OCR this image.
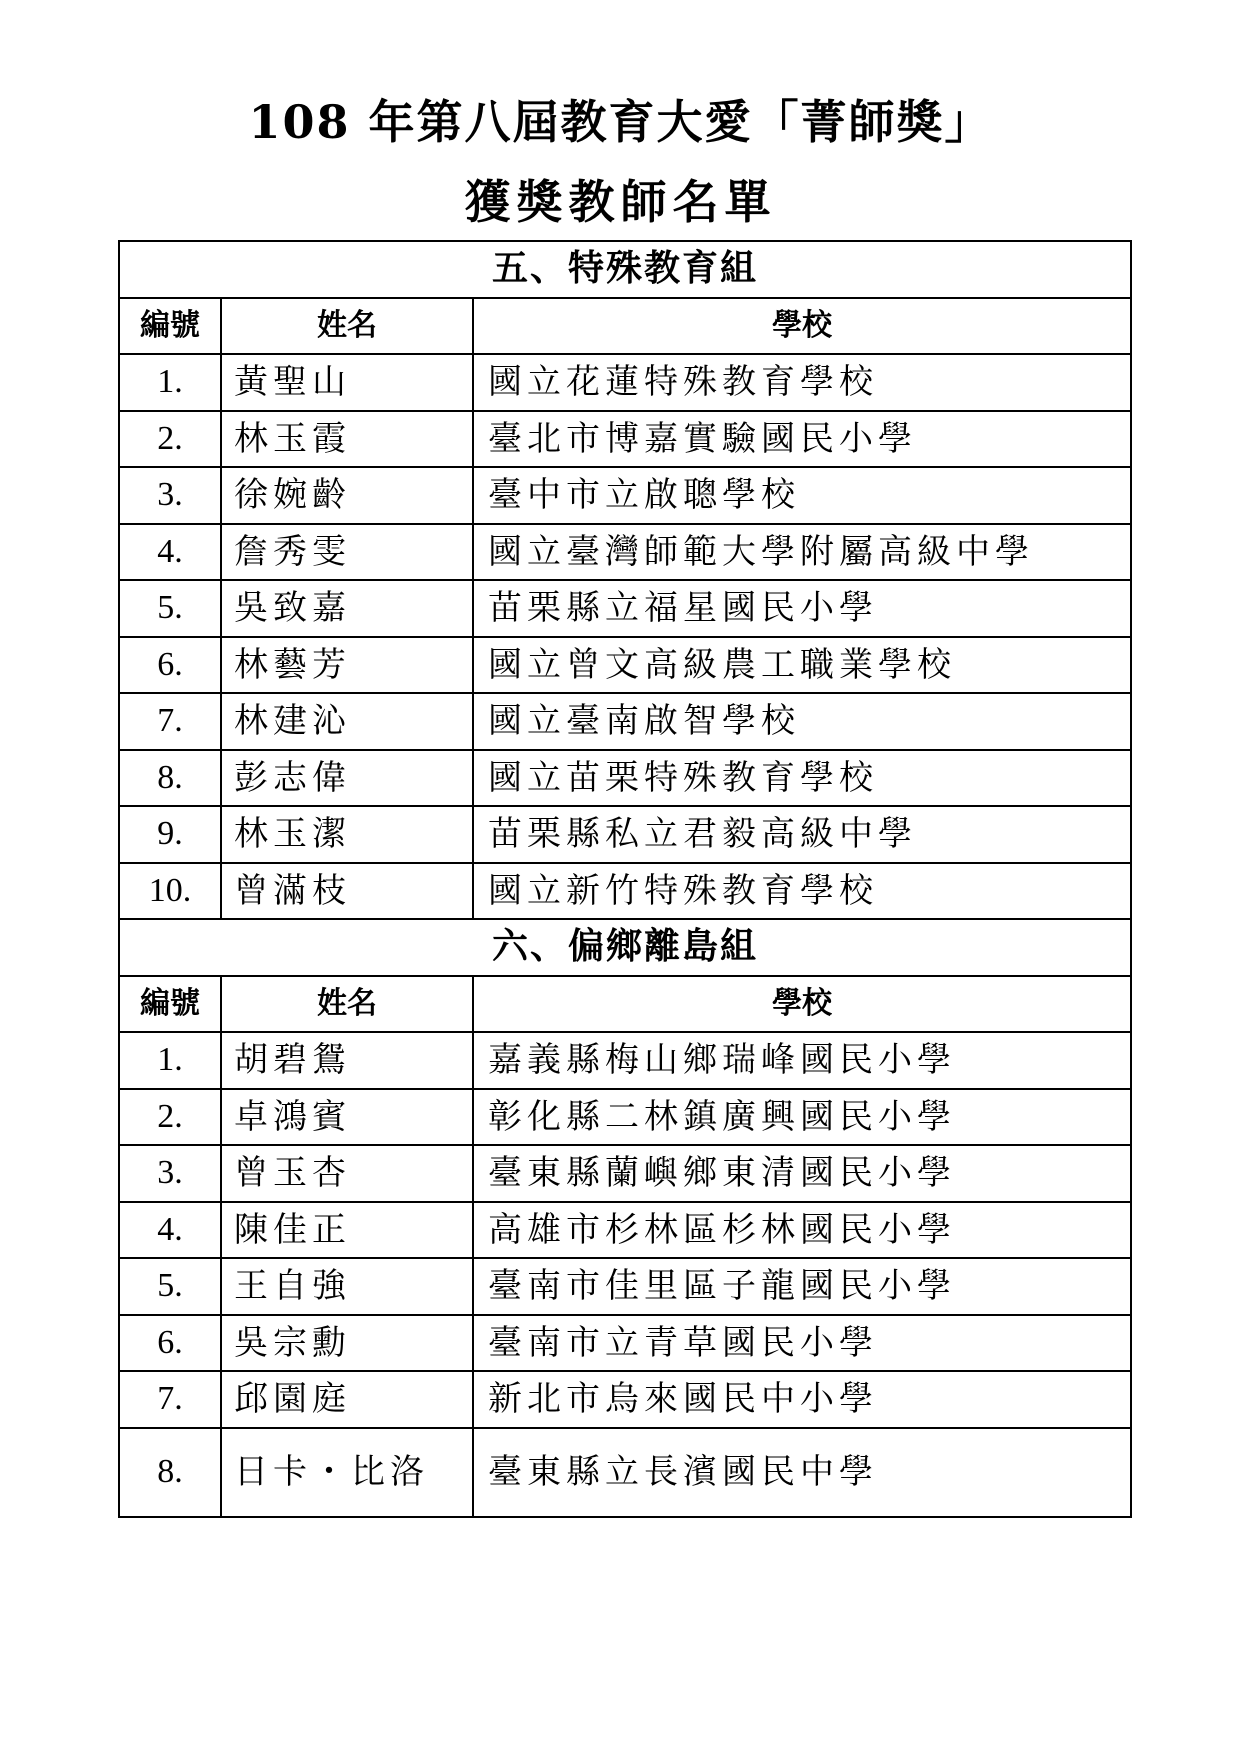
108 年第八屆教育大愛「菁師獎」
獲獎教師名單
五、特殊教育組		
編號	姓名	學校
1.	黃聖山	國立花蓮特殊教育學校
2.	林玉霞	臺北市博嘉實驗國民小學
3.	徐婉齡	臺中市立啟聰學校
4.	詹秀雯	國立臺灣師範大學附屬高級中學
5.	吳致嘉	苗栗縣立福星國民小學
6.	林藝芳	國立曾文高級農工職業學校
7.	林建沁	國立臺南啟智學校
8.	彭志偉	國立苗栗特殊教育學校
9.	林玉潔	苗栗縣私立君毅高級中學
10.	曾滿枝	國立新竹特殊教育學校
六、偏鄉離島組		
編號	姓名	學校
1.	胡碧鴛	嘉義縣梅山鄉瑞峰國民小學
2.	卓鴻賓	彰化縣二林鎮廣興國民小學
3.	曾玉杏	臺東縣蘭嶼鄉東清國民小學
4.	陳佳正	高雄市杉林區杉林國民小學
5.	王自強	臺南市佳里區子龍國民小學
6.	吳宗勳	臺南市立青草國民小學
7.	邱園庭	新北市烏來國民中小學
8.	日卡・比洛	臺東縣立長濱國民中學
